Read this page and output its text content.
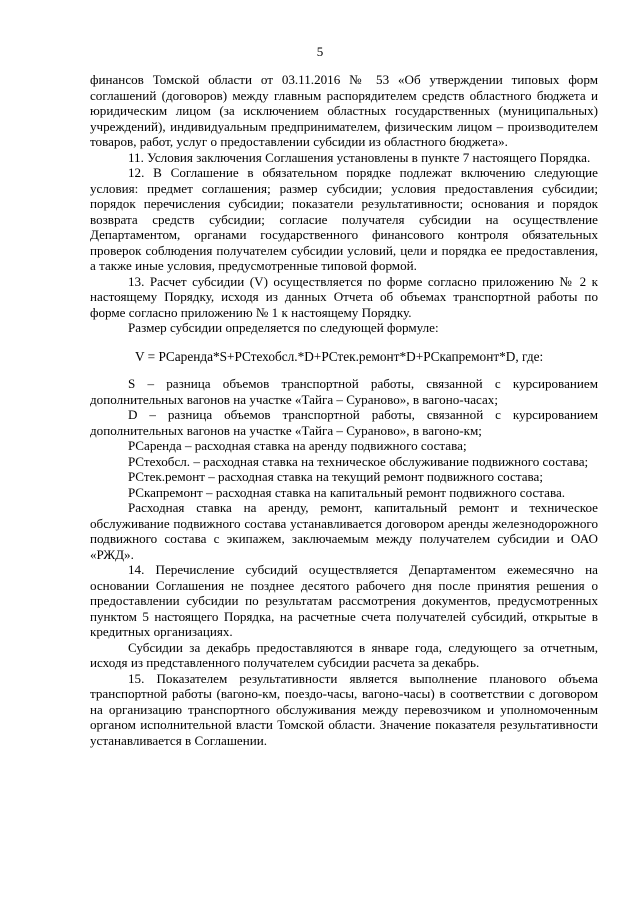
5

финансов Томской области от 03.11.2016 № 53 «Об утверждении типовых форм соглашений (договоров) между главным распорядителем средств областного бюджета и юридическим лицом (за исключением областных государственных (муниципальных) учреждений), индивидуальным предпринимателем, физическим лицом – производителем товаров, работ, услуг о предоставлении субсидии из областного бюджета».

11. Условия заключения Соглашения установлены в пункте 7 настоящего Порядка.

12. В Соглашение в обязательном порядке подлежат включению следующие условия: предмет соглашения; размер субсидии; условия предоставления субсидии; порядок перечисления субсидии; показатели результативности; основания и порядок возврата средств субсидии; согласие получателя субсидии на осуществление Департаментом, органами государственного финансового контроля обязательных проверок соблюдения получателем субсидии условий, цели и порядка ее предоставления, а также иные условия, предусмотренные типовой формой.

13. Расчет субсидии (V) осуществляется по форме согласно приложению № 2 к настоящему Порядку, исходя из данных Отчета об объемах транспортной работы по форме согласно приложению № 1 к настоящему Порядку.

Размер субсидии определяется по следующей формуле:

V = PСаренда*S+PСтехобсл.*D+PСтек.ремонт*D+PСкапремонт*D, где:

S – разница объемов транспортной работы, связанной с курсированием дополнительных вагонов на участке «Тайга – Сураново», в вагоно-часах;

D – разница объемов транспортной работы, связанной с курсированием дополнительных вагонов на участке «Тайга – Сураново», в вагоно-км;

PСаренда – расходная ставка на аренду подвижного состава;

PСтехобсл. – расходная ставка на техническое обслуживание подвижного состава;

PСтек.ремонт – расходная ставка на текущий ремонт подвижного состава;

PСкапремонт – расходная ставка на капитальный ремонт подвижного состава.

Расходная ставка на аренду, ремонт, капитальный ремонт и техническое обслуживание подвижного состава устанавливается договором аренды железнодорожного подвижного состава с экипажем, заключаемым между получателем субсидии и ОАО «РЖД».

14. Перечисление субсидий осуществляется Департаментом ежемесячно на основании Соглашения не позднее десятого рабочего дня после принятия решения о предоставлении субсидии по результатам рассмотрения документов, предусмотренных пунктом 5 настоящего Порядка, на расчетные счета получателей субсидий, открытые в кредитных организациях.

Субсидии за декабрь предоставляются в январе года, следующего за отчетным, исходя из представленного получателем субсидии расчета за декабрь.

15. Показателем результативности является выполнение планового объема транспортной работы (вагоно-км, поездо-часы, вагоно-часы) в соответствии с договором на организацию транспортного обслуживания между перевозчиком и уполномоченным органом исполнительной власти Томской области. Значение показателя результативности устанавливается в Соглашении.
